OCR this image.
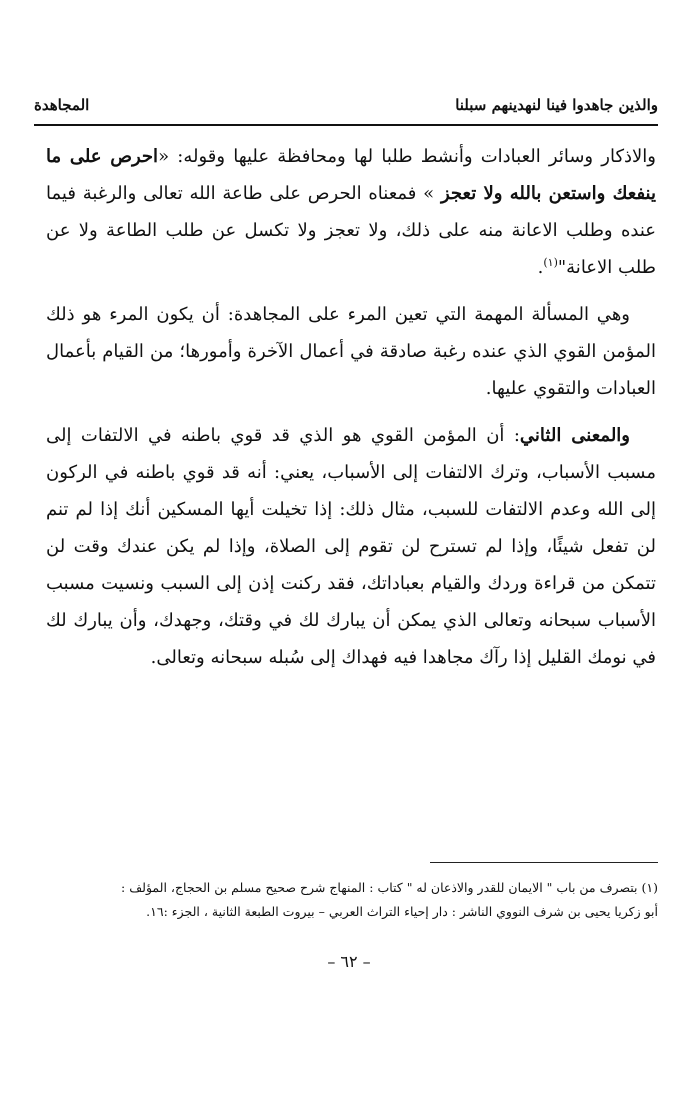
والذين جاهدوا فينا لنهدينهم سبلنا
المجاهدة

والاذكار وسائر العبادات وأنشط طلبا لها ومحافظة عليها وقوله: «احرص على ما ينفعك واستعن بالله ولا تعجز » فمعناه الحرص على طاعة الله تعالى والرغبة فيما عنده وطلب الاعانة منه على ذلك، ولا تعجز ولا تكسل عن طلب الطاعة ولا عن طلب الاعانة"$^{(١)}$.

وهي المسألة المهمة التي تعين المرء على المجاهدة: أن يكون المرء هو ذلك المؤمن القوي الذي عنده رغبة صادقة في أعمال الآخرة وأمورها؛ من القيام بأعمال العبادات والتقوي عليها.

والمعنى الثاني: أن المؤمن القوي هو الذي قد قوي باطنه في الالتفات إلى مسبب الأسباب، وترك الالتفات إلى الأسباب، يعني: أنه قد قوي باطنه في الركون إلى الله وعدم الالتفات للسبب، مثال ذلك: إذا تخيلت أيها المسكين أنك إذا لم تنم لن تفعل شيئًا، وإذا لم تسترح لن تقوم إلى الصلاة، وإذا لم يكن عندك وقت لن تتمكن من قراءة وردك والقيام بعباداتك، فقد ركنت إذن إلى السبب ونسيت مسبب الأسباب سبحانه وتعالى الذي يمكن أن يبارك لك في وقتك، وجهدك، وأن يبارك لك في نومك القليل إذا رآك مجاهدا فيه فهداك إلى سُبله سبحانه وتعالى.

(١) بتصرف من باب " الايمان للقدر والاذعان له " كتاب : المنهاج شرح صحيح مسلم بن الحجاج، المؤلف :

أبو زكريا يحيى بن شرف النووي الناشر : دار إحياء التراث العربي – بيروت الطبعة الثانية ، الجزء :١٦.

– ٦٢ –
